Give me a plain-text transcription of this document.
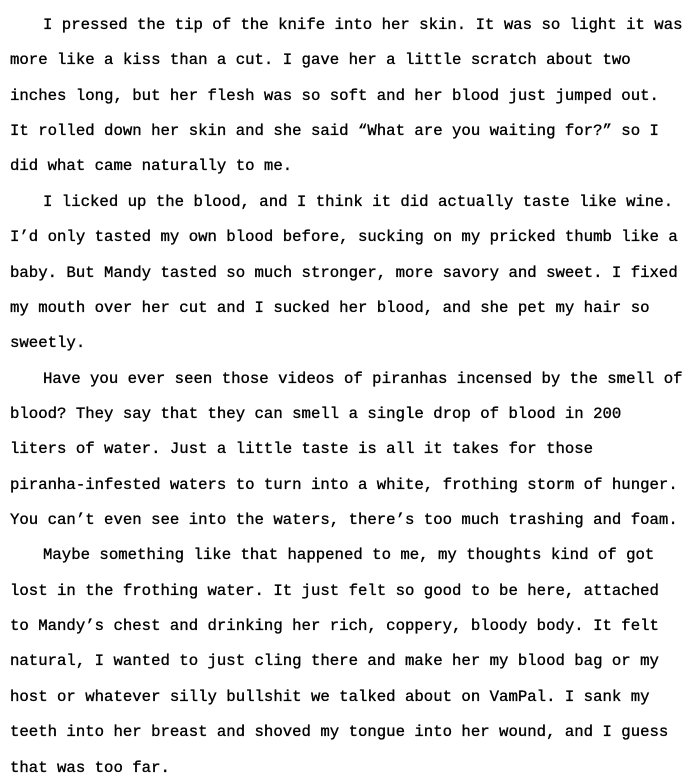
I pressed the tip of the knife into her skin. It was so light it was
more like a kiss than a cut. I gave her a little scratch about two
inches long, but her flesh was so soft and her blood just jumped out.
It rolled down her skin and she said “What are you waiting for?” so I
did what came naturally to me.
I licked up the blood, and I think it did actually taste like wine.
I’d only tasted my own blood before, sucking on my pricked thumb like a
baby. But Mandy tasted so much stronger, more savory and sweet. I fixed
my mouth over her cut and I sucked her blood, and she pet my hair so
sweetly.
Have you ever seen those videos of piranhas incensed by the smell of
blood? They say that they can smell a single drop of blood in 200
liters of water. Just a little taste is all it takes for those
piranha-infested waters to turn into a white, frothing storm of hunger.
You can’t even see into the waters, there’s too much trashing and foam.
Maybe something like that happened to me, my thoughts kind of got
lost in the frothing water. It just felt so good to be here, attached
to Mandy’s chest and drinking her rich, coppery, bloody body. It felt
natural, I wanted to just cling there and make her my blood bag or my
host or whatever silly bullshit we talked about on VamPal. I sank my
teeth into her breast and shoved my tongue into her wound, and I guess
that was too far.
